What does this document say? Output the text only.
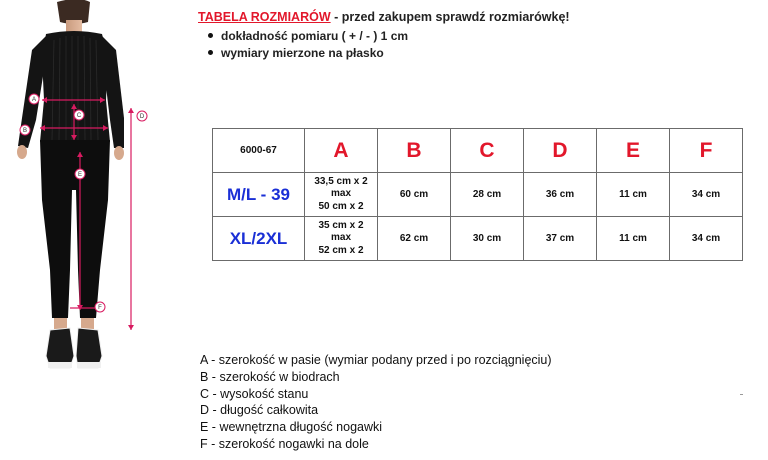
A
B
C	D
E
F
TABELA ROZMIARÓW - przed zakupem sprawdź rozmiarówkę!
dokładność pomiaru ( + / - ) 1 cm
wymiary mierzone na płasko
6000-67	A	B	C	D	E	F
M/L - 39	33,5 cm x 2
max
50 cm x 2	60 cm	28 cm	36 cm	11 cm	34 cm
XL/2XL	35 cm x 2
max
52 cm x 2	62 cm	30 cm	37 cm	11 cm	34 cm
A - szerokość w pasie (wymiar podany przed i po rozciągnięciu)
B - szerokość w biodrach
C - wysokość stanu
D - długość całkowita
E - wewnętrzna długość nogawki
F - szerokość nogawki na dole
